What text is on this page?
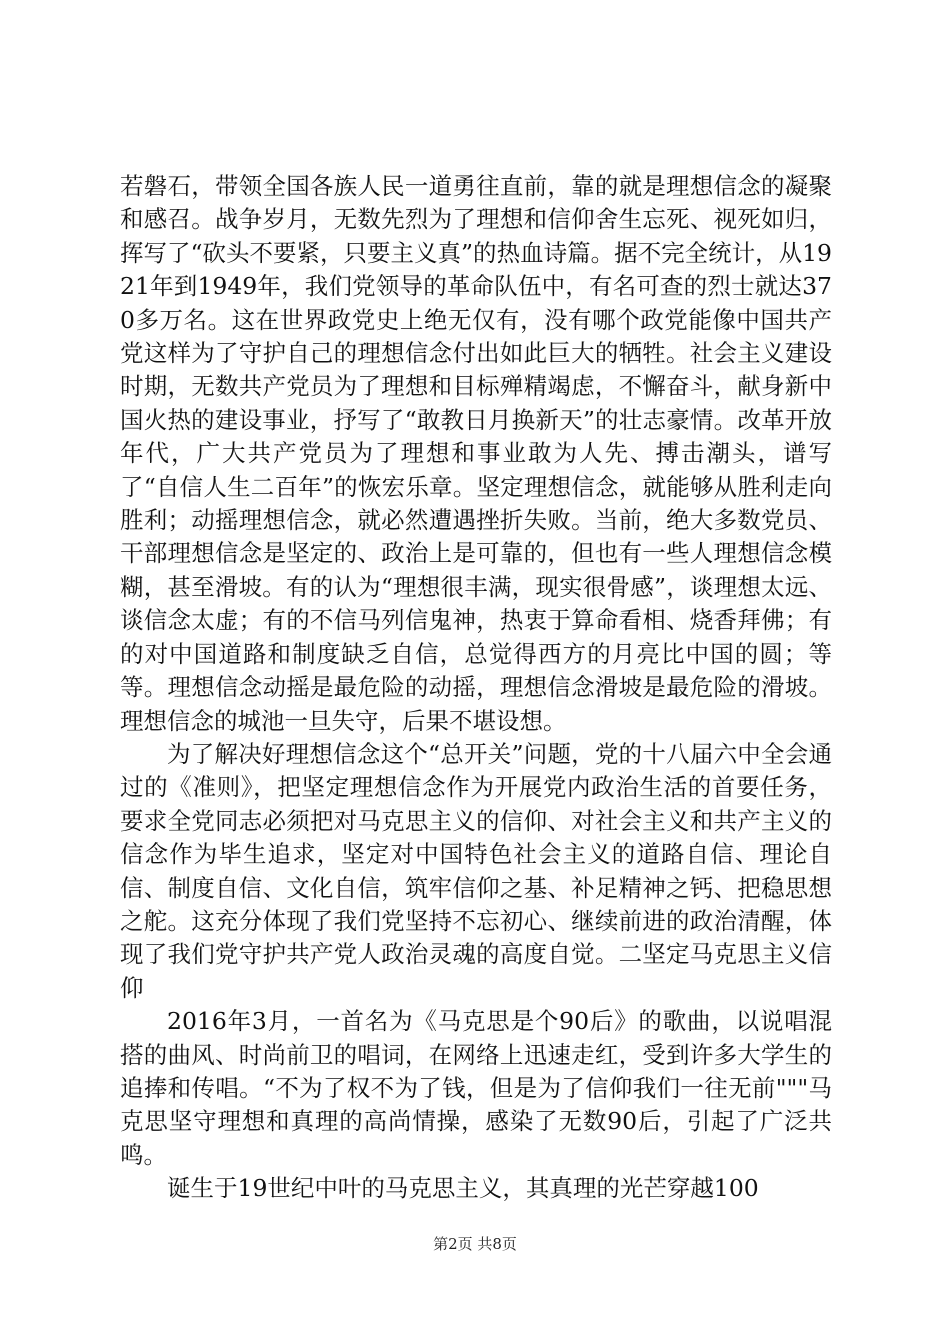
若磐石，带领全国各族人民一道勇往直前，靠的就是理想信念的凝聚和感召。战争岁月，无数先烈为了理想和信仰舍生忘死、视死如归，挥写了“砍头不要紧，只要主义真”的热血诗篇。据不完全统计，从1921年到1949年，我们党领导的革命队伍中，有名可查的烈士就达370多万名。这在世界政党史上绝无仅有，没有哪个政党能像中国共产党这样为了守护自己的理想信念付出如此巨大的牺牲。社会主义建设时期，无数共产党员为了理想和目标殚精竭虑，不懈奋斗，献身新中国火热的建设事业，抒写了“敢教日月换新天”的壮志豪情。改革开放年代，广大共产党员为了理想和事业敢为人先、搏击潮头，谱写了“自信人生二百年”的恢宏乐章。坚定理想信念，就能够从胜利走向胜利；动摇理想信念，就必然遭遇挫折失败。当前，绝大多数党员、干部理想信念是坚定的、政治上是可靠的，但也有一些人理想信念模糊，甚至滑坡。有的认为“理想很丰满，现实很骨感”，谈理想太远、谈信念太虚；有的不信马列信鬼神，热衷于算命看相、烧香拜佛；有的对中国道路和制度缺乏自信，总觉得西方的月亮比中国的圆；等等。理想信念动摇是最危险的动摇，理想信念滑坡是最危险的滑坡。理想信念的城池一旦失守，后果不堪设想。

为了解决好理想信念这个“总开关”问题，党的十八届六中全会通过的《准则》，把坚定理想信念作为开展党内政治生活的首要任务，要求全党同志必须把对马克思主义的信仰、对社会主义和共产主义的信念作为毕生追求，坚定对中国特色社会主义的道路自信、理论自信、制度自信、文化自信，筑牢信仰之基、补足精神之钙、把稳思想之舵。这充分体现了我们党坚持不忘初心、继续前进的政治清醒，体现了我们党守护共产党人政治灵魂的高度自觉。二坚定马克思主义信仰

2016年3月，一首名为《马克思是个90后》的歌曲，以说唱混搭的曲风、时尚前卫的唱词，在网络上迅速走红，受到许多大学生的追捧和传唱。“不为了权不为了钱，但是为了信仰我们一往无前"""马克思坚守理想和真理的高尚情操，感染了无数90后，引起了广泛共鸣。

诞生于19世纪中叶的马克思主义，其真理的光芒穿越100

第2页 共8页
